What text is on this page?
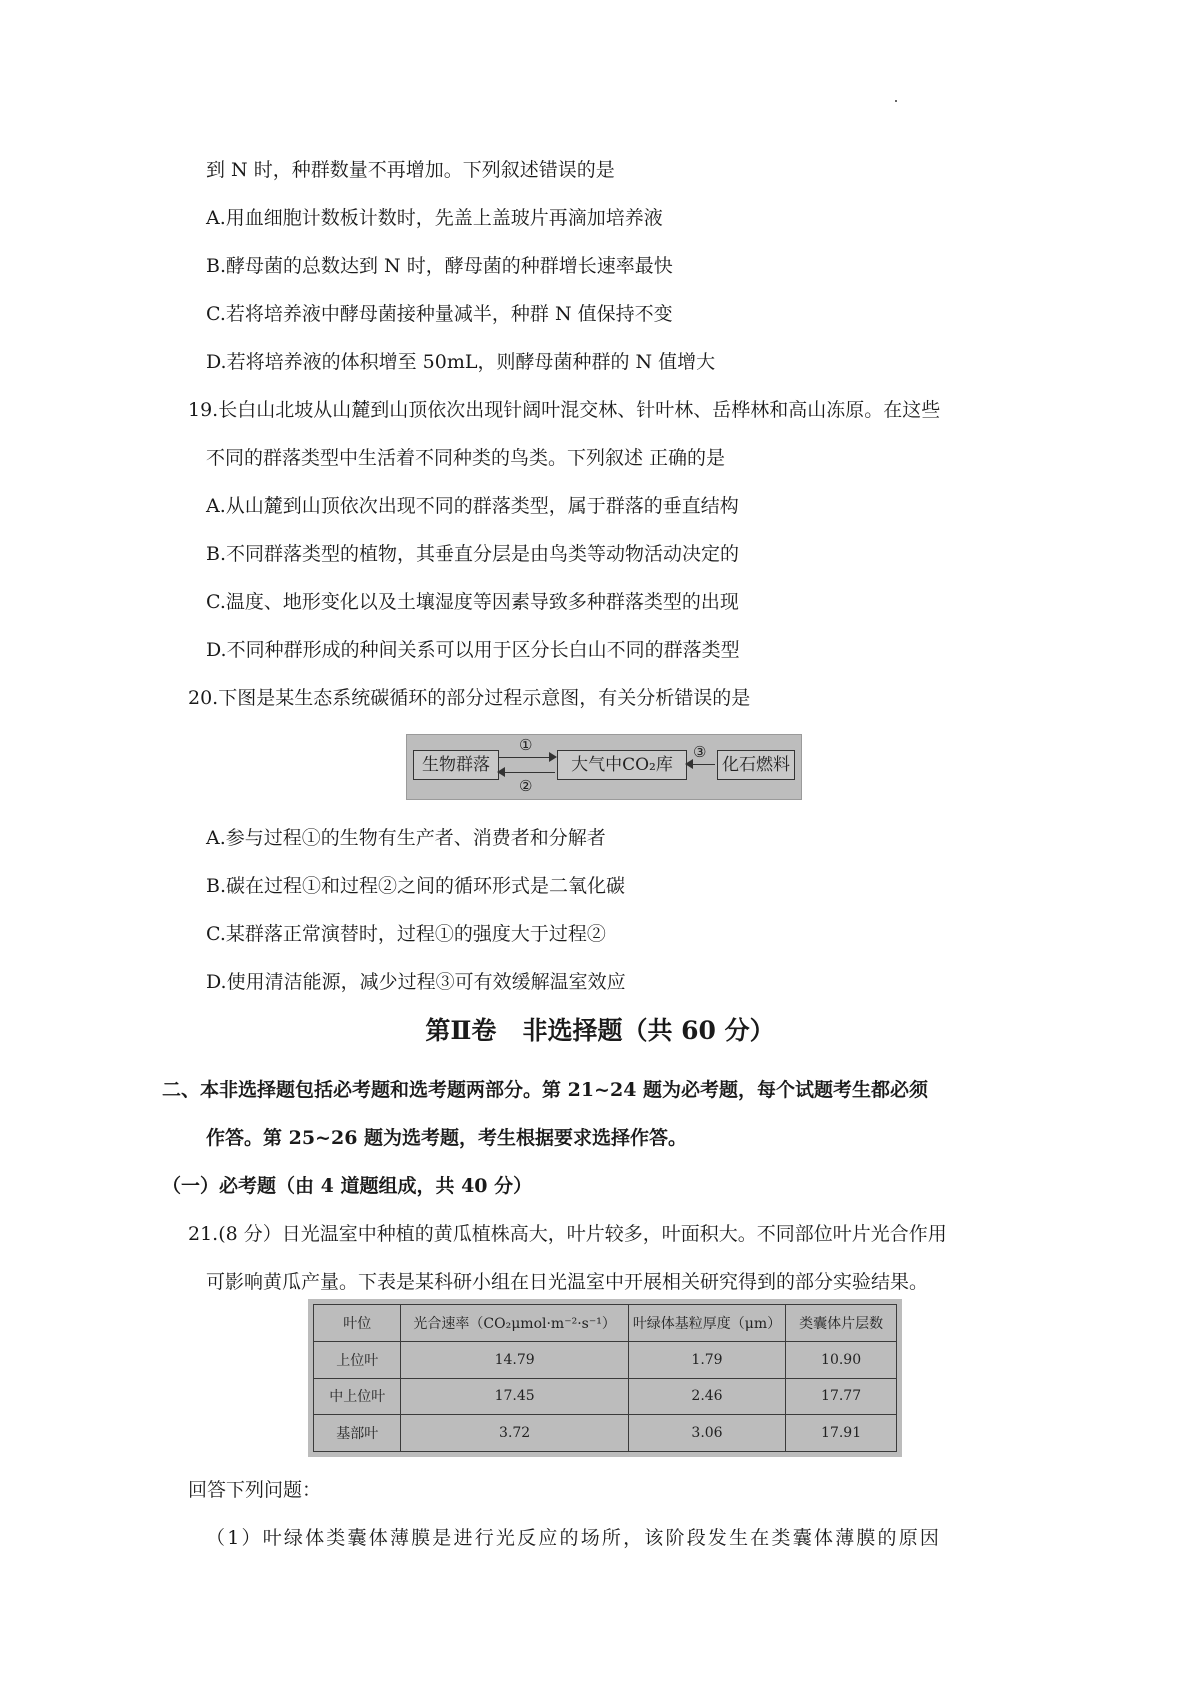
到 N 时，种群数量不再增加。下列叙述错误的是
A.用血细胞计数板计数时，先盖上盖玻片再滴加培养液
B.酵母菌的总数达到 N 时，酵母菌的种群增长速率最快
C.若将培养液中酵母菌接种量减半，种群 N 值保持不变
D.若将培养液的体积增至 50mL，则酵母菌种群的 N 值增大
19.长白山北坡从山麓到山顶依次出现针阔叶混交林、针叶林、岳桦林和高山冻原。在这些
不同的群落类型中生活着不同种类的鸟类。下列叙述 正确的是
A.从山麓到山顶依次出现不同的群落类型，属于群落的垂直结构
B.不同群落类型的植物，其垂直分层是由鸟类等动物活动决定的
C.温度、地形变化以及土壤湿度等因素导致多种群落类型的出现
D.不同种群形成的种间关系可以用于区分长白山不同的群落类型
20.下图是某生态系统碳循环的部分过程示意图，有关分析错误的是
生物群落	大气中CO₂库	化石燃料
①
②
③
A.参与过程①的生物有生产者、消费者和分解者
B.碳在过程①和过程②之间的循环形式是二氧化碳
C.某群落正常演替时，过程①的强度大于过程②
D.使用清洁能源，减少过程③可有效缓解温室效应
第Ⅱ卷 非选择题（共 60 分）
二、本非选择题包括必考题和选考题两部分。第 21~24 题为必考题，每个试题考生都必须
作答。第 25~26 题为选考题，考生根据要求选择作答。
（一）必考题（由 4 道题组成，共 40 分）
21.(8 分）日光温室中种植的黄瓜植株高大，叶片较多，叶面积大。不同部位叶片光合作用
可影响黄瓜产量。下表是某科研小组在日光温室中开展相关研究得到的部分实验结果。
叶位	光合速率（CO₂μmol·m⁻²·s⁻¹）	叶绿体基粒厚度（μm）	类囊体片层数
上位叶	14.79	1.79	10.90
中上位叶	17.45	2.46	17.77
基部叶	3.72	3.06	17.91
回答下列问题：
（1）叶绿体类囊体薄膜是进行光反应的场所，该阶段发生在类囊体薄膜的原因
